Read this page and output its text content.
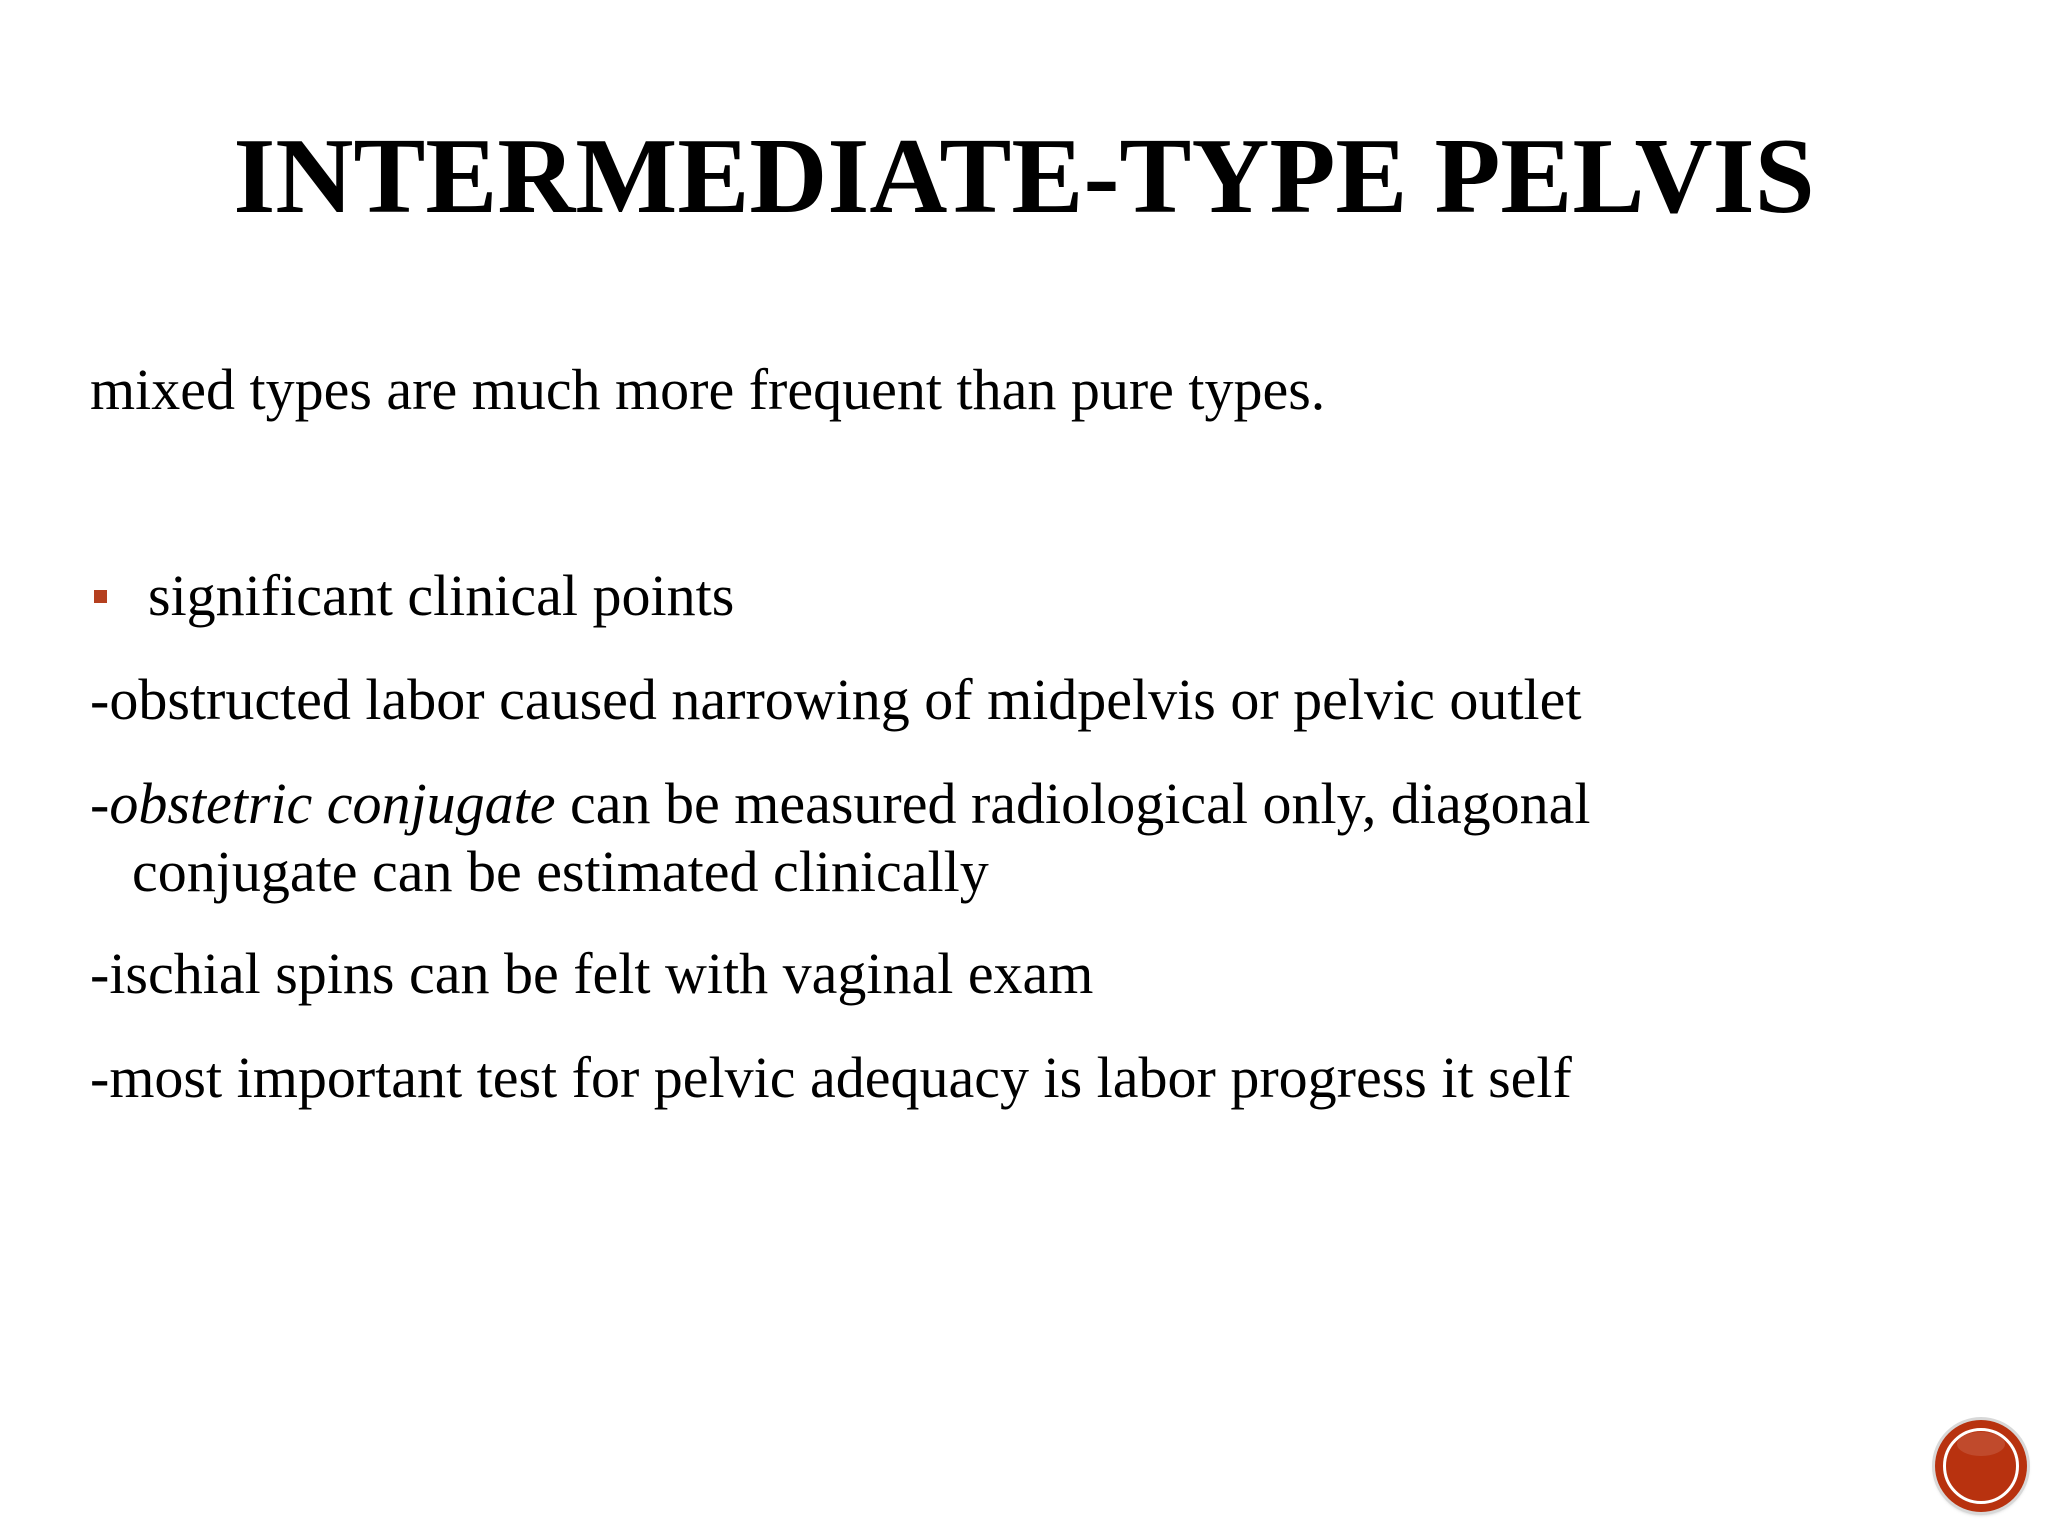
INTERMEDIATE-TYPE PELVIS

mixed types are much more frequent than pure types.

significant clinical points

-obstructed labor caused narrowing of midpelvis or pelvic outlet

-obstetric conjugate can be measured radiological only, diagonal

conjugate can be estimated clinically

-ischial spins can be felt with vaginal exam

-most important test for pelvic adequacy is labor progress it self
